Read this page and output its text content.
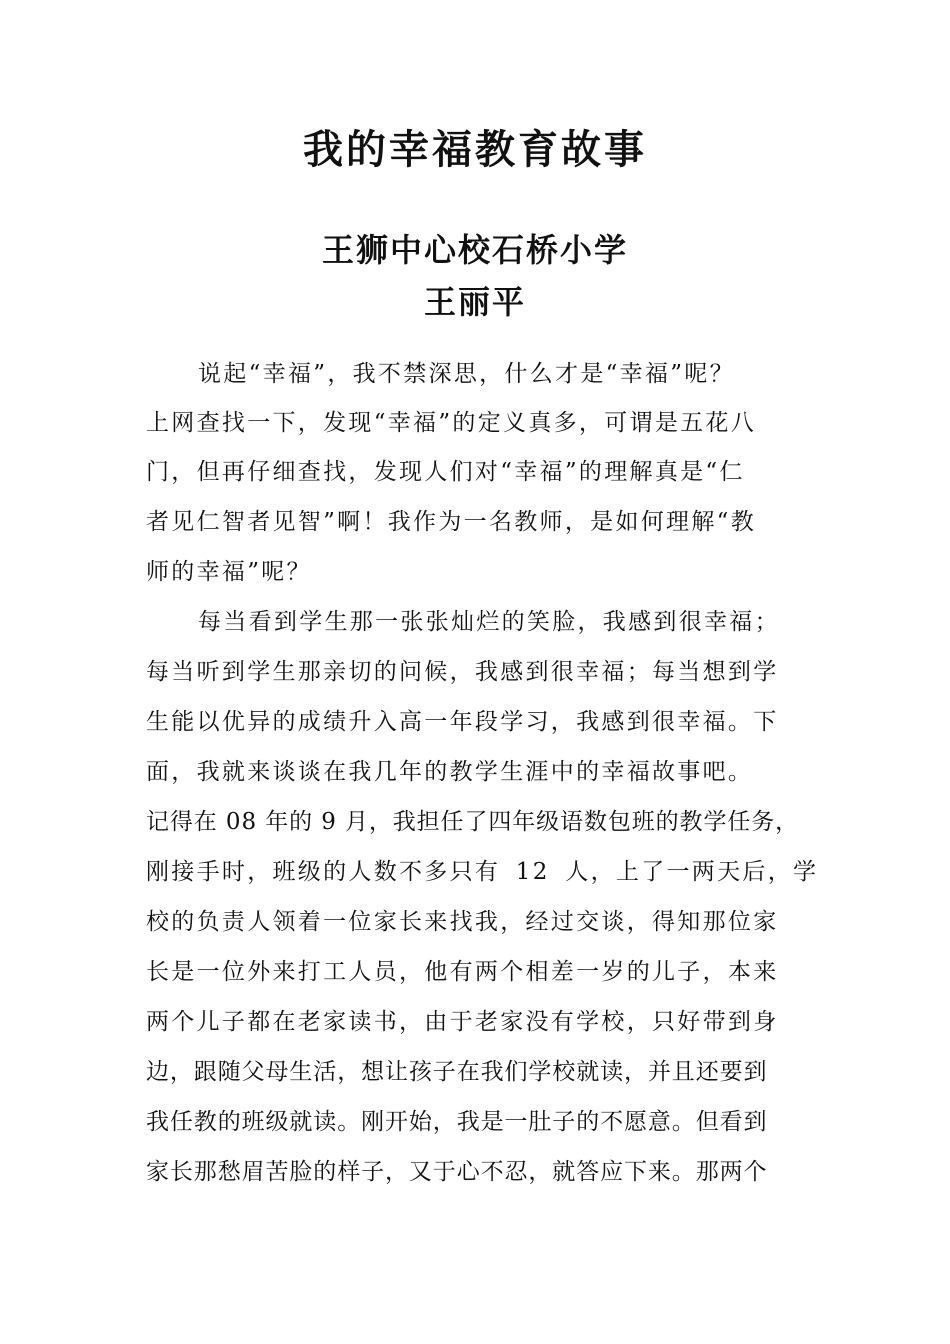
我的幸福教育故事
王狮中心校石桥小学
王丽平
说起“幸福”，我不禁深思，什么才是“幸福”呢？
上网查找一下，发现“幸福”的定义真多，可谓是五花八
门，但再仔细查找，发现人们对“幸福”的理解真是“仁
者见仁智者见智”啊！我作为一名教师，是如何理解“教
师的幸福”呢？
每当看到学生那一张张灿烂的笑脸，我感到很幸福；
每当听到学生那亲切的问候，我感到很幸福；每当想到学
生能以优异的成绩升入高一年段学习，我感到很幸福。下
面，我就来谈谈在我几年的教学生涯中的幸福故事吧。
记得在 08 年的 9 月，我担任了四年级语数包班的教学任务，
刚接手时，班级的人数不多只有 12 人，上了一两天后，学
校的负责人领着一位家长来找我，经过交谈，得知那位家
长是一位外来打工人员，他有两个相差一岁的儿子，本来
两个儿子都在老家读书，由于老家没有学校，只好带到身
边，跟随父母生活，想让孩子在我们学校就读，并且还要到
我任教的班级就读。刚开始，我是一肚子的不愿意。但看到
家长那愁眉苦脸的样子，又于心不忍，就答应下来。那两个
